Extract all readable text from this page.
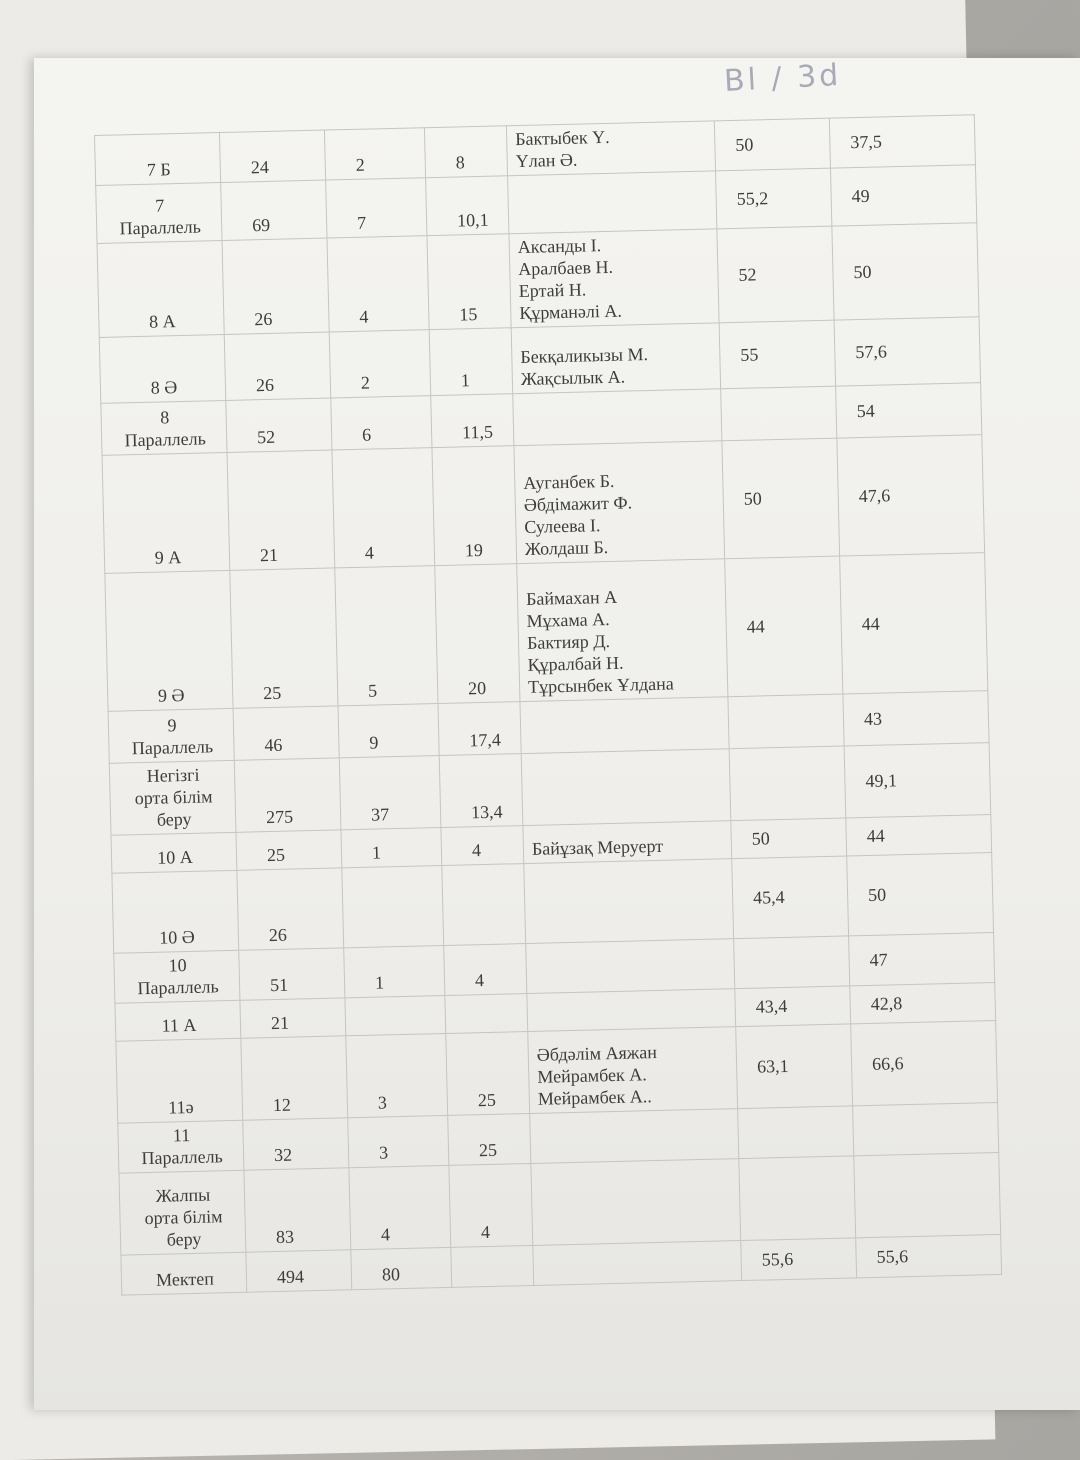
Bl / 3d
7 Б	24	2	8	Бактыбек Ү.
Үлан Ә.	50	37,5
7
Параллель	69	7	10,1		55,2	49
8 А	26	4	15	Аксанды І.
Аралбаев Н.
Ертай Н.
Құрманәлі А.	52	50
8 Ә	26	2	1	Бекқаликызы М.
Жақсылык А.	55	57,6
8
Параллель	52	6	11,5			54
9 А	21	4	19	Ауганбек Б.
Әбдімажит Ф.
Сулеева І.
Жолдаш Б.	50	47,6
9 Ә	25	5	20	Баймахан А
Мұхама А.
Бактияр Д.
Құралбай Н.
Тұрсынбек Ұлдана	44	44
9
Параллель	46	9	17,4			43
Негізгі
орта білім
беру	275	37	13,4			49,1
10 А	25	1	4	Байұзақ Меруерт	50	44
10 Ә	26				45,4	50
10
Параллель	51	1	4			47
11 А	21				43,4	42,8
11ә	12	3	25	Әбдәлім Аяжан
Мейрамбек А.
Мейрамбек А..	63,1	66,6
11
Параллель	32	3	25			
Жалпы
орта білім
беру	83	4	4			
Мектеп	494	80			55,6	55,6
